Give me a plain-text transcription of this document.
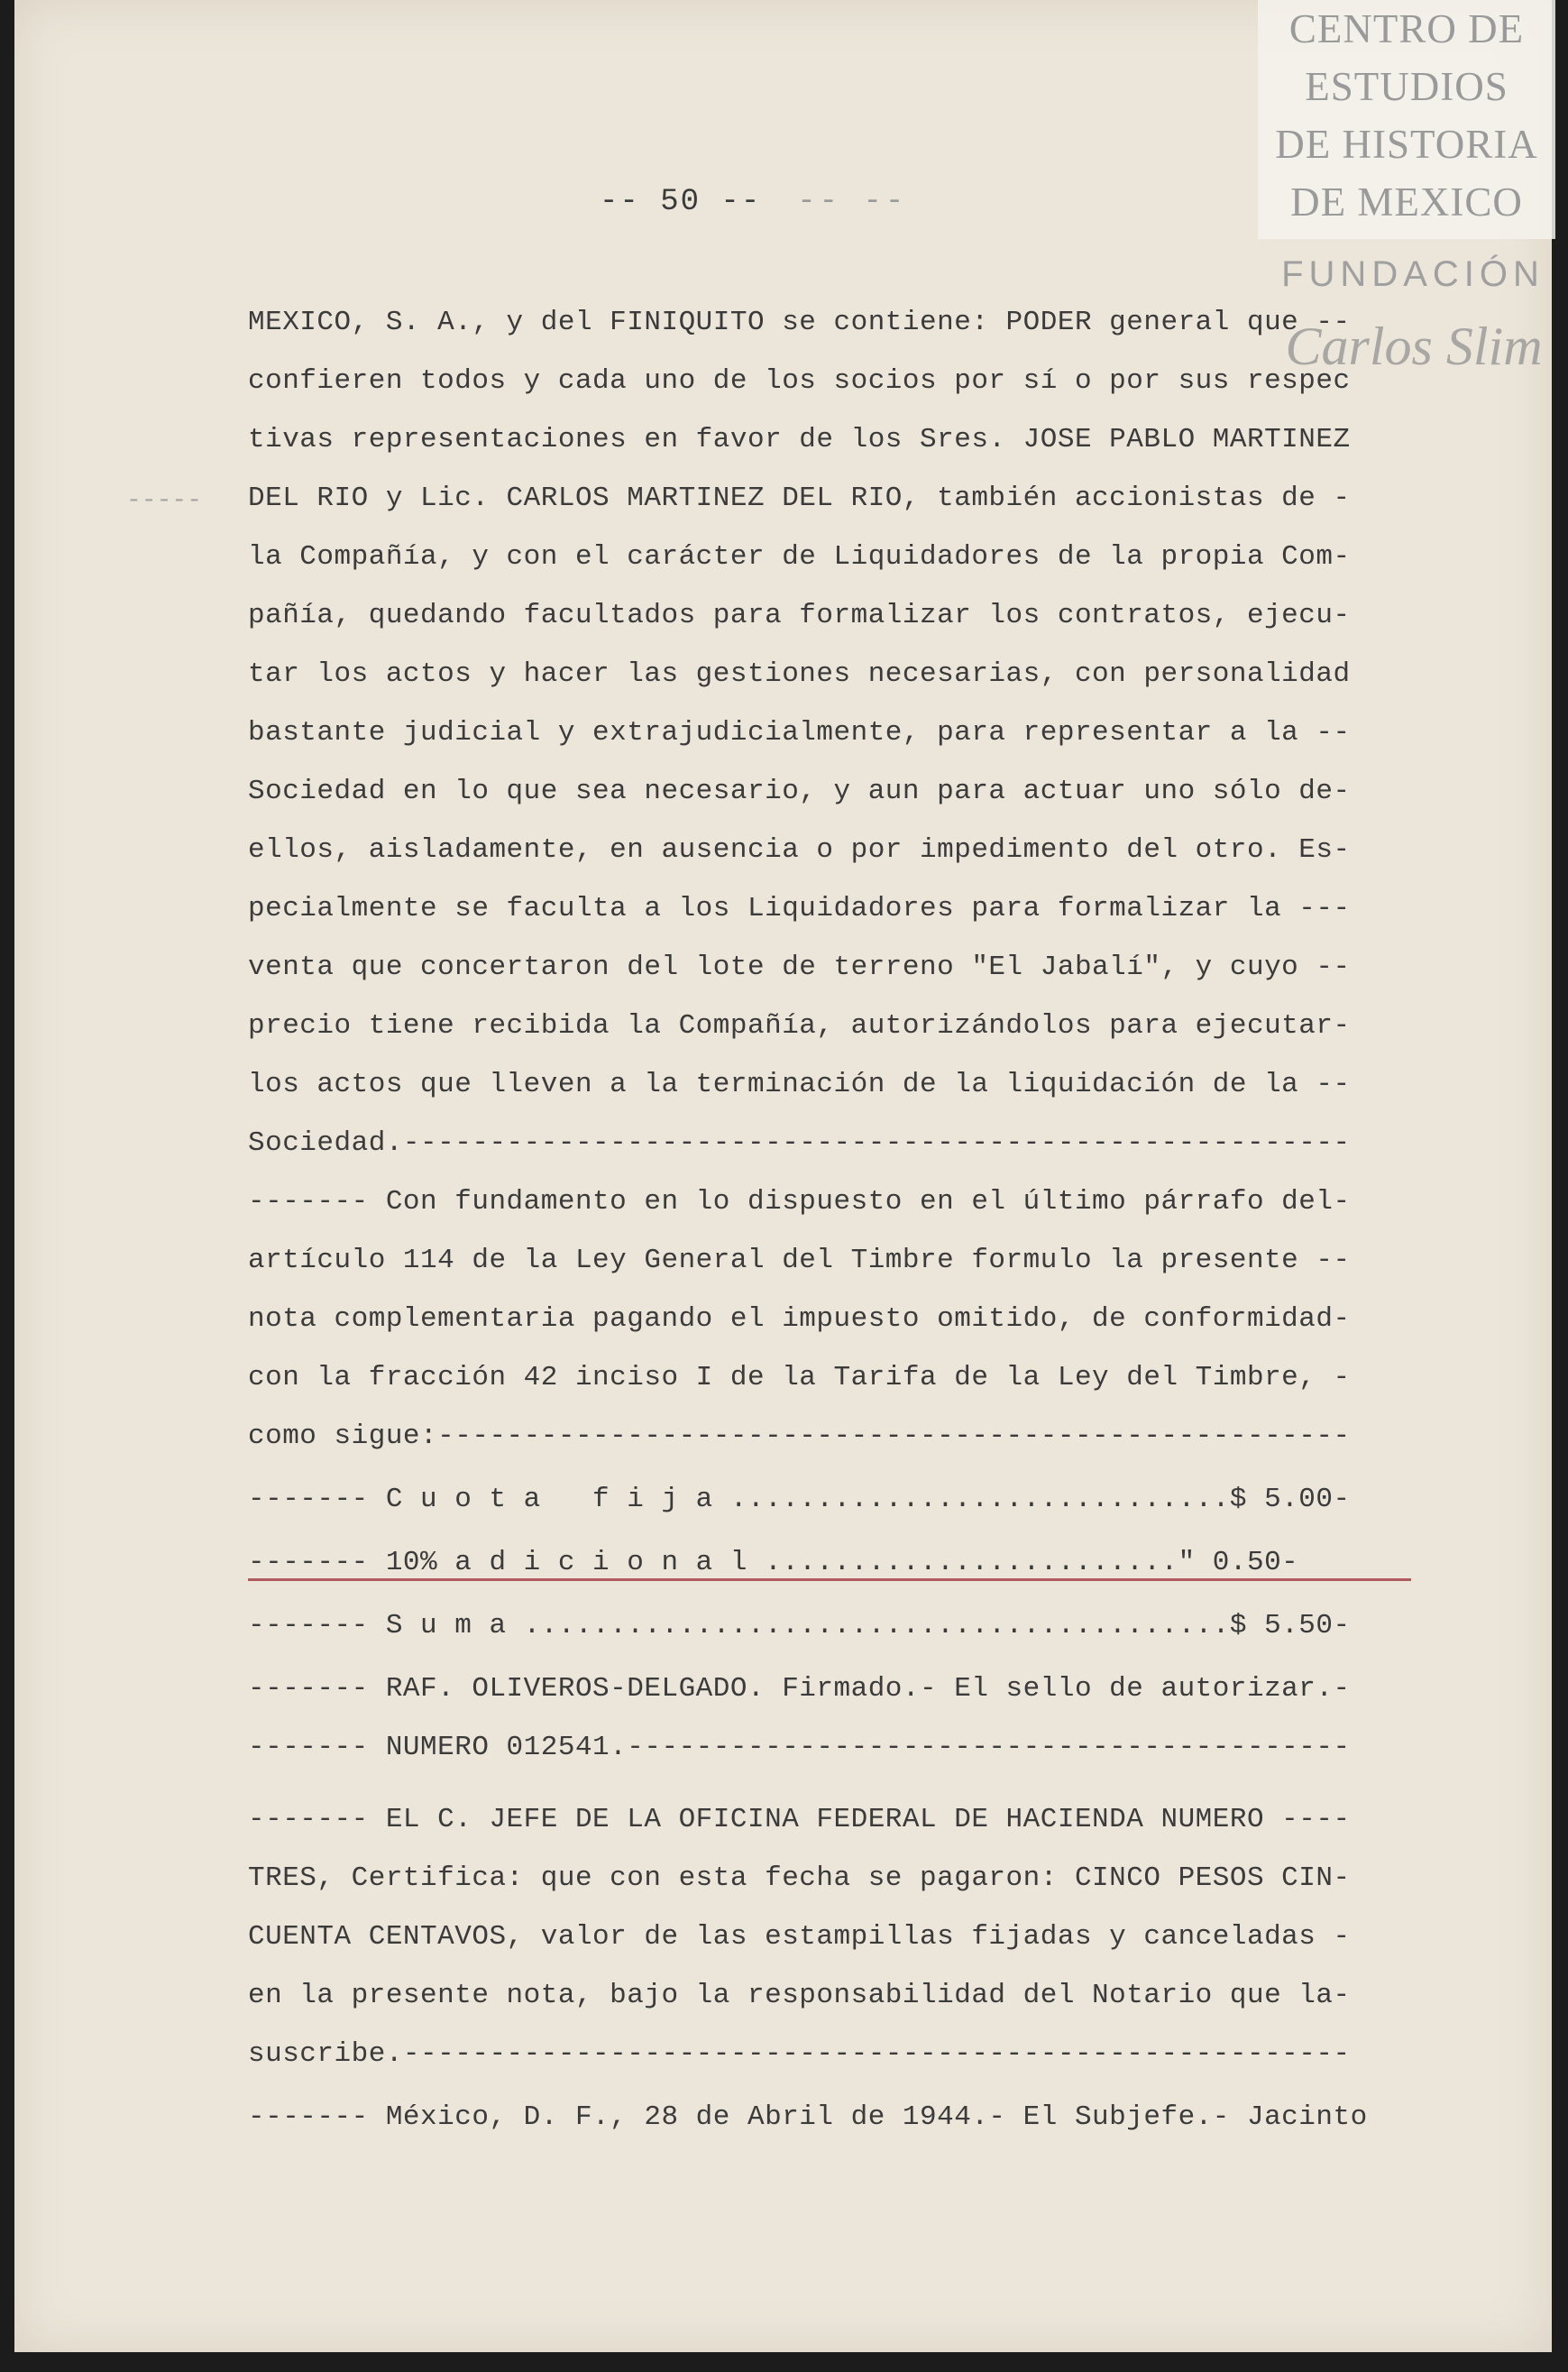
CENTRO DE
ESTUDIOS
DE HISTORIA
DE MEXICO
FUNDACIÓN
Carlos Slim
-- 50 -- -- --
-----
MEXICO, S. A., y del FINIQUITO se contiene: PODER general que --
confieren todos y cada uno de los socios por sí o por sus respec
tivas representaciones en favor de los Sres. JOSE PABLO MARTINEZ
DEL RIO y Lic. CARLOS MARTINEZ DEL RIO, también accionistas de -
la Compañía, y con el carácter de Liquidadores de la propia Com-
pañía, quedando facultados para formalizar los contratos, ejecu-
tar los actos y hacer las gestiones necesarias, con personalidad
bastante judicial y extrajudicialmente, para representar a la --
Sociedad en lo que sea necesario, y aun para actuar uno sólo de-
ellos, aisladamente, en ausencia o por impedimento del otro. Es-
pecialmente se faculta a los Liquidadores para formalizar la ---
venta que concertaron del lote de terreno "El Jabalí", y cuyo --
precio tiene recibida la Compañía, autorizándolos para ejecutar-
los actos que lleven a la terminación de la liquidación de la --
Sociedad.-------------------------------------------------------
------- Con fundamento en lo dispuesto en el último párrafo del-
artículo 114 de la Ley General del Timbre formulo la presente --
nota complementaria pagando el impuesto omitido, de conformidad-
con la fracción 42 inciso I de la Tarifa de la Ley del Timbre, -
como sigue:-----------------------------------------------------
------- C u o t a   f i j a .............................$ 5.00-
------- 10% a d i c i o n a l ........................" 0.50-
------- S u m a .........................................$ 5.50-
------- RAF. OLIVEROS-DELGADO. Firmado.- El sello de autorizar.-
------- NUMERO 012541.------------------------------------------
------- EL C. JEFE DE LA OFICINA FEDERAL DE HACIENDA NUMERO ----
TRES, Certifica: que con esta fecha se pagaron: CINCO PESOS CIN-
CUENTA CENTAVOS, valor de las estampillas fijadas y canceladas -
en la presente nota, bajo la responsabilidad del Notario que la-
suscribe.-------------------------------------------------------
------- México, D. F., 28 de Abril de 1944.- El Subjefe.- Jacinto
